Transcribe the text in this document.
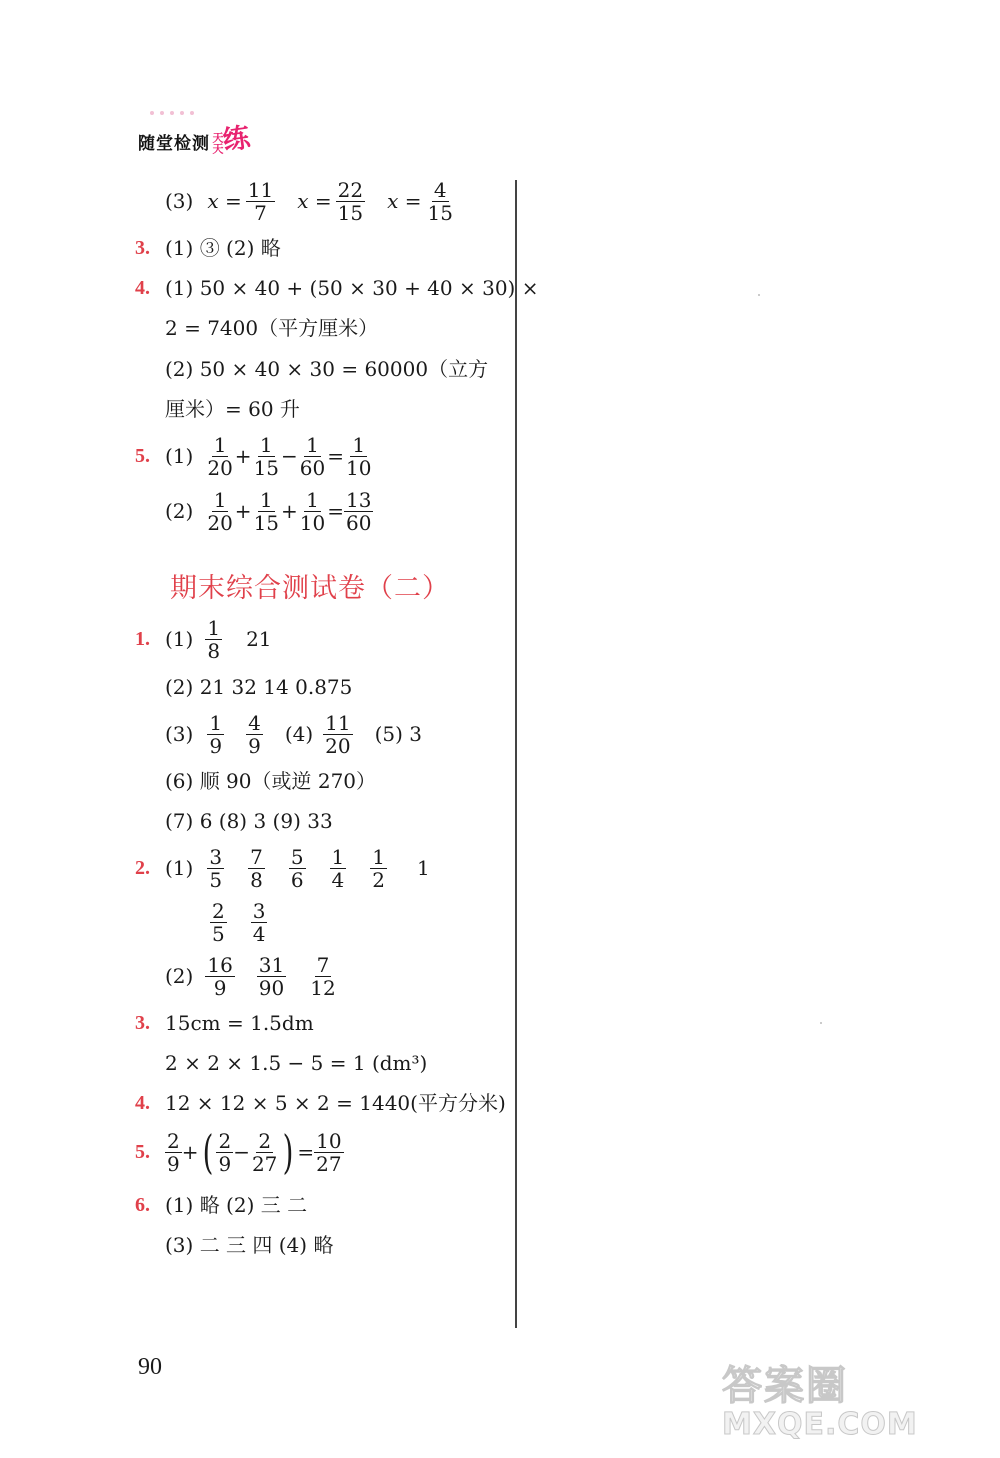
随堂检测 天天
练
(3) $x = \frac{11}{7}$ $x = \frac{22}{15}$ $x = \frac{4}{15}$
3. (1) ③ (2) 略
4. (1) 50 × 40 + (50 × 30 + 40 × 30) ×
2 = 7400（平方厘米）
(2) 50 × 40 × 30 = 60000（立方
厘米）= 60 升
5. $(1) \frac{1}{20} + \frac{1}{15} - \frac{1}{60} = \frac{1}{10}$
$(2) \frac{1}{20} + \frac{1}{15} + \frac{1}{10} = \frac{13}{60}$
期末综合测试卷（二）
1. $(1) \frac{1}{8} 21$
(2) 21 32 14 0.875
$(3) \frac{1}{9} \frac{4}{9} (4) \frac{11}{20} (5)$ 3
(6) 顺 90（或逆 270）
(7) 6 (8) 3 (9) 33
2. $(1) \frac{3}{5} \frac{7}{8} \frac{5}{6} \frac{1}{4} \frac{1}{2} 1$
$\frac{2}{5} \frac{3}{4}$
$(2) \frac{16}{9} \frac{31}{90} \frac{7}{12}$
3. 15cm = 1.5dm
2 × 2 × 1.5 − 5 = 1 (dm³)
4. 12 × 12 × 5 × 2 = 1440(平方分米)
5. $\frac{2}{9}$ + ( $\frac{2}{9} - \frac{2}{27}$ ) = $\frac{10}{27}$
6. (1) 略 (2) 三 二
(3) 二 三 四 (4) 略
90	答案圈
MXQE.COM
